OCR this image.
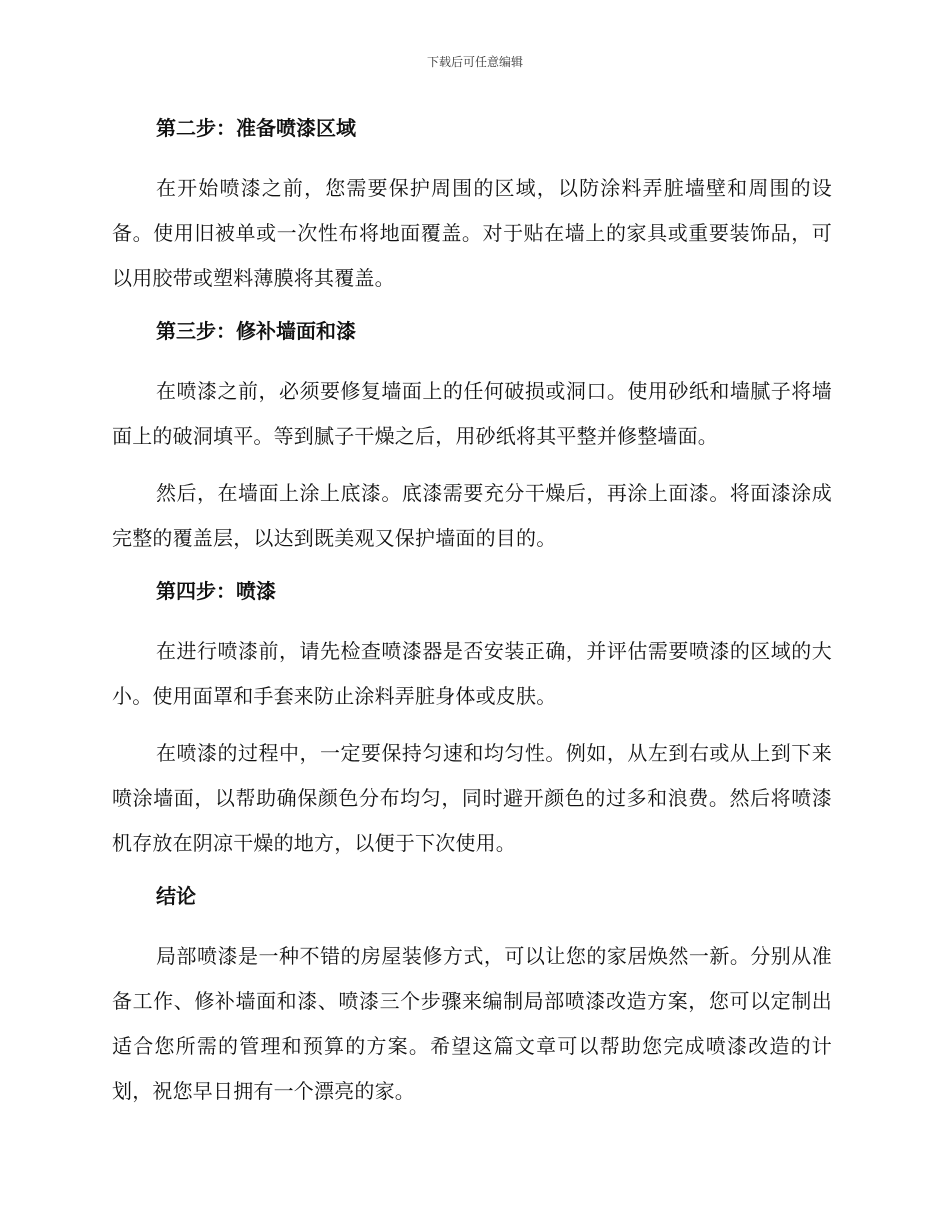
下载后可任意编辑
第二步：准备喷漆区域

在开始喷漆之前，您需要保护周围的区域，以防涂料弄脏墙壁和周围的设备。使用旧被单或一次性布将地面覆盖。对于贴在墙上的家具或重要装饰品，可以用胶带或塑料薄膜将其覆盖。

第三步：修补墙面和漆

在喷漆之前，必须要修复墙面上的任何破损或洞口。使用砂纸和墙腻子将墙面上的破洞填平。等到腻子干燥之后，用砂纸将其平整并修整墙面。

然后，在墙面上涂上底漆。底漆需要充分干燥后，再涂上面漆。将面漆涂成完整的覆盖层，以达到既美观又保护墙面的目的。

第四步：喷漆

在进行喷漆前，请先检查喷漆器是否安装正确，并评估需要喷漆的区域的大小。使用面罩和手套来防止涂料弄脏身体或皮肤。

在喷漆的过程中，一定要保持匀速和均匀性。例如，从左到右或从上到下来喷涂墙面，以帮助确保颜色分布均匀，同时避开颜色的过多和浪费。然后将喷漆机存放在阴凉干燥的地方，以便于下次使用。

结论

局部喷漆是一种不错的房屋装修方式，可以让您的家居焕然一新。分别从准备工作、修补墙面和漆、喷漆三个步骤来编制局部喷漆改造方案，您可以定制出适合您所需的管理和预算的方案。希望这篇文章可以帮助您完成喷漆改造的计划，祝您早日拥有一个漂亮的家。
